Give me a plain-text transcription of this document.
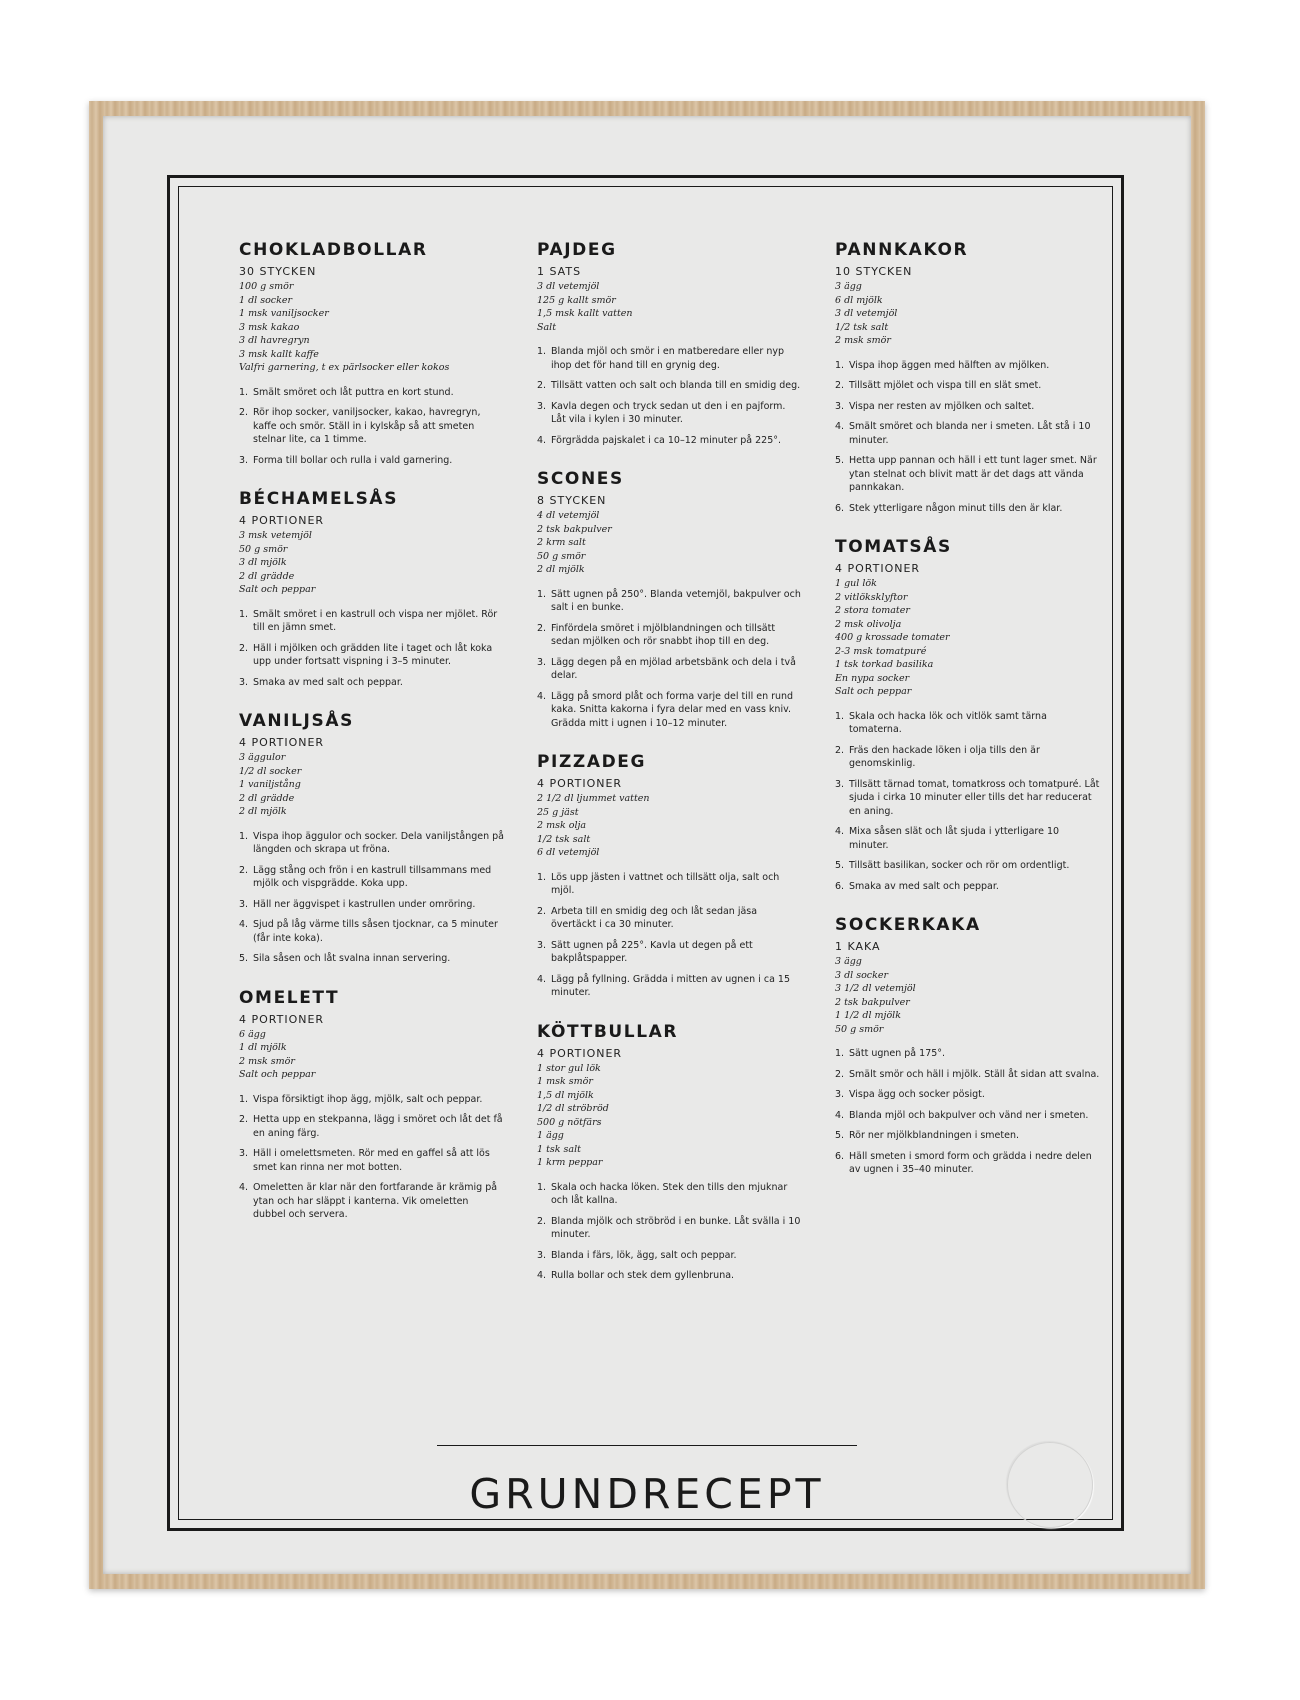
CHOKLADBOLLAR
30 STYCKEN
100 g smör
1 dl socker
1 msk vaniljsocker
3 msk kakao
3 dl havregryn
3 msk kallt kaffe
Valfri garnering, t ex pärlsocker eller kokos
1. Smält smöret och låt puttra en kort stund.
2. Rör ihop socker, vaniljsocker, kakao, havregryn, kaffe och smör. Ställ in i kylskåp så att smeten stelnar lite, ca 1 timme.
3. Forma till bollar och rulla i vald garnering.
BÉCHAMELSÅS
4 PORTIONER
3 msk vetemjöl
50 g smör
3 dl mjölk
2 dl grädde
Salt och peppar
1. Smält smöret i en kastrull och vispa ner mjölet. Rör till en jämn smet.
2. Häll i mjölken och grädden lite i taget och låt koka upp under fortsatt vispning i 3–5 minuter.
3. Smaka av med salt och peppar.
VANILJSÅS
4 PORTIONER
3 äggulor
1/2 dl socker
1 vaniljstång
2 dl grädde
2 dl mjölk
1. Vispa ihop äggulor och socker. Dela vaniljstången på längden och skrapa ut fröna.
2. Lägg stång och frön i en kastrull tillsammans med mjölk och vispgrädde. Koka upp.
3. Häll ner äggvispet i kastrullen under omröring.
4. Sjud på låg värme tills såsen tjocknar, ca 5 minuter (får inte koka).
5. Sila såsen och låt svalna innan servering.
OMELETT
4 PORTIONER
6 ägg
1 dl mjölk
2 msk smör
Salt och peppar
1. Vispa försiktigt ihop ägg, mjölk, salt och peppar.
2. Hetta upp en stekpanna, lägg i smöret och låt det få en aning färg.
3. Häll i omelettsmeten. Rör med en gaffel så att lös smet kan rinna ner mot botten.
4. Omeletten är klar när den fortfarande är krämig på ytan och har släppt i kanterna. Vik omeletten dubbel och servera.
PAJDEG
1 SATS
3 dl vetemjöl
125 g kallt smör
1,5 msk kallt vatten
Salt
1. Blanda mjöl och smör i en matberedare eller nyp ihop det för hand till en grynig deg.
2. Tillsätt vatten och salt och blanda till en smidig deg.
3. Kavla degen och tryck sedan ut den i en pajform. Låt vila i kylen i 30 minuter.
4. Förgrädda pajskalet i ca 10–12 minuter på 225°.
SCONES
8 STYCKEN
4 dl vetemjöl
2 tsk bakpulver
2 krm salt
50 g smör
2 dl mjölk
1. Sätt ugnen på 250°. Blanda vetemjöl, bakpulver och salt i en bunke.
2. Finfördela smöret i mjölblandningen och tillsätt sedan mjölken och rör snabbt ihop till en deg.
3. Lägg degen på en mjölad arbetsbänk och dela i två delar.
4. Lägg på smord plåt och forma varje del till en rund kaka. Snitta kakorna i fyra delar med en vass kniv. Grädda mitt i ugnen i 10–12 minuter.
PIZZADEG
4 PORTIONER
2 1/2 dl ljummet vatten
25 g jäst
2 msk olja
1/2 tsk salt
6 dl vetemjöl
1. Lös upp jästen i vattnet och tillsätt olja, salt och mjöl.
2. Arbeta till en smidig deg och låt sedan jäsa övertäckt i ca 30 minuter.
3. Sätt ugnen på 225°. Kavla ut degen på ett bakplåtspapper.
4. Lägg på fyllning. Grädda i mitten av ugnen i ca 15 minuter.
KÖTTBULLAR
4 PORTIONER
1 stor gul lök
1 msk smör
1,5 dl mjölk
1/2 dl ströbröd
500 g nötfärs
1 ägg
1 tsk salt
1 krm peppar
1. Skala och hacka löken. Stek den tills den mjuknar och låt kallna.
2. Blanda mjölk och ströbröd i en bunke. Låt svälla i 10 minuter.
3. Blanda i färs, lök, ägg, salt och peppar.
4. Rulla bollar och stek dem gyllenbruna.
PANNKAKOR
10 STYCKEN
3 ägg
6 dl mjölk
3 dl vetemjöl
1/2 tsk salt
2 msk smör
1. Vispa ihop äggen med hälften av mjölken.
2. Tillsätt mjölet och vispa till en slät smet.
3. Vispa ner resten av mjölken och saltet.
4. Smält smöret och blanda ner i smeten. Låt stå i 10 minuter.
5. Hetta upp pannan och häll i ett tunt lager smet. När ytan stelnat och blivit matt är det dags att vända pannkakan.
6. Stek ytterligare någon minut tills den är klar.
TOMATSÅS
4 PORTIONER
1 gul lök
2 vitlöksklyftor
2 stora tomater
2 msk olivolja
400 g krossade tomater
2-3 msk tomatpuré
1 tsk torkad basilika
En nypa socker
Salt och peppar
1. Skala och hacka lök och vitlök samt tärna tomaterna.
2. Fräs den hackade löken i olja tills den är genomskinlig.
3. Tillsätt tärnad tomat, tomatkross och tomatpuré. Låt sjuda i cirka 10 minuter eller tills det har reducerat en aning.
4. Mixa såsen slät och låt sjuda i ytterligare 10 minuter.
5. Tillsätt basilikan, socker och rör om ordentligt.
6. Smaka av med salt och peppar.
SOCKERKAKA
1 KAKA
3 ägg
3 dl socker
3 1/2 dl vetemjöl
2 tsk bakpulver
1 1/2 dl mjölk
50 g smör
1. Sätt ugnen på 175°.
2. Smält smör och häll i mjölk. Ställ åt sidan att svalna.
3. Vispa ägg och socker pösigt.
4. Blanda mjöl och bakpulver och vänd ner i smeten.
5. Rör ner mjölkblandningen i smeten.
6. Häll smeten i smord form och grädda i nedre delen av ugnen i 35–40 minuter.
GRUNDRECEPT
